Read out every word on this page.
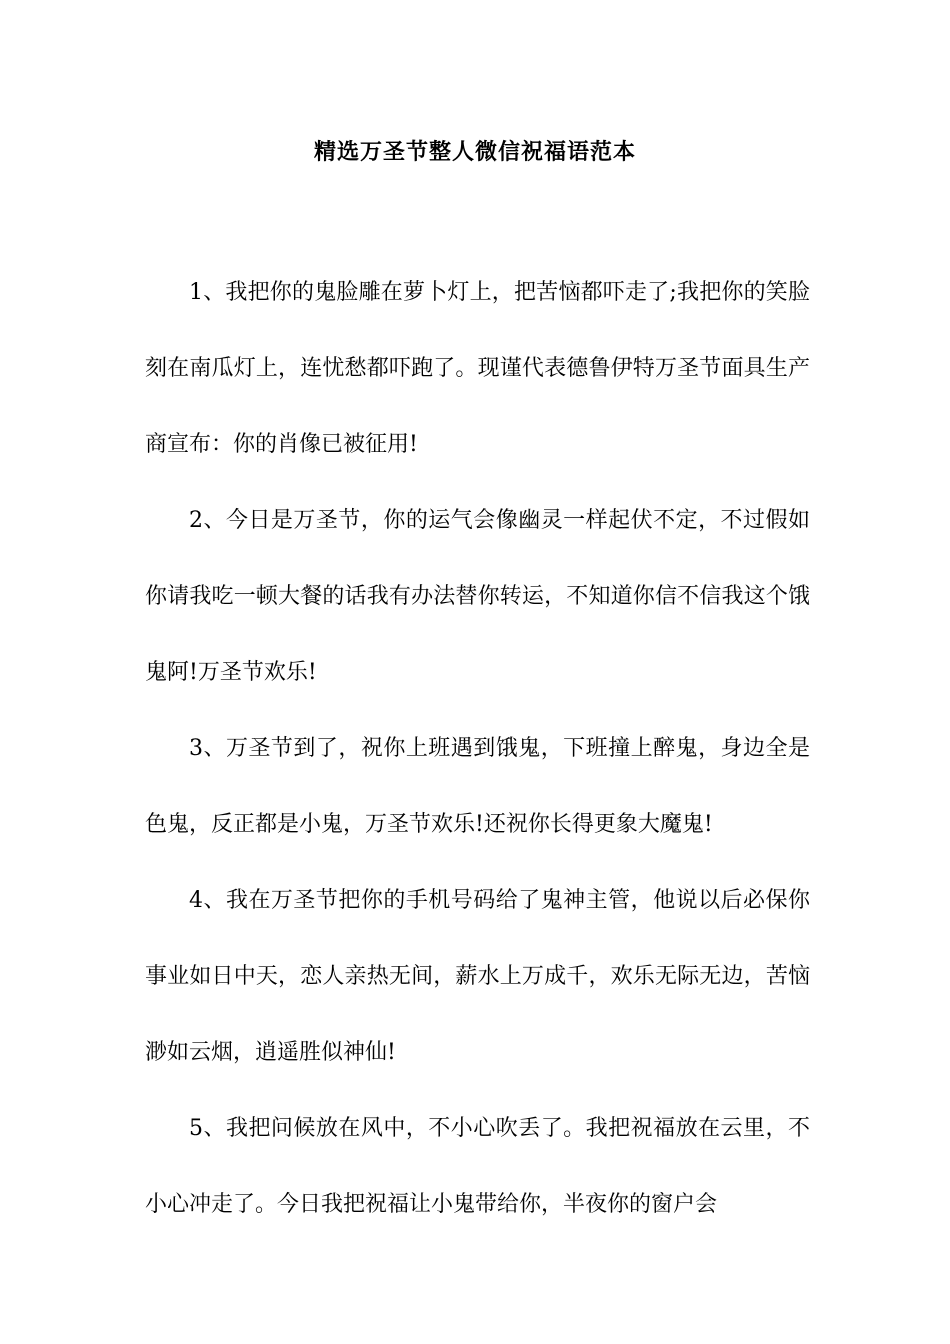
精选万圣节整人微信祝福语范本

1、我把你的鬼脸雕在萝卜灯上，把苦恼都吓走了;我把你的笑脸刻在南瓜灯上，连忧愁都吓跑了。现谨代表德鲁伊特万圣节面具生产商宣布：你的肖像已被征用!

2、今日是万圣节，你的运气会像幽灵一样起伏不定，不过假如你请我吃一顿大餐的话我有办法替你转运，不知道你信不信我这个饿鬼阿!万圣节欢乐!

3、万圣节到了，祝你上班遇到饿鬼，下班撞上醉鬼，身边全是色鬼，反正都是小鬼，万圣节欢乐!还祝你长得更象大魔鬼!

4、我在万圣节把你的手机号码给了鬼神主管，他说以后必保你事业如日中天，恋人亲热无间，薪水上万成千，欢乐无际无边，苦恼渺如云烟，逍遥胜似神仙!

5、我把问候放在风中，不小心吹丢了。我把祝福放在云里，不小心冲走了。今日我把祝福让小鬼带给你，半夜你的窗户会
